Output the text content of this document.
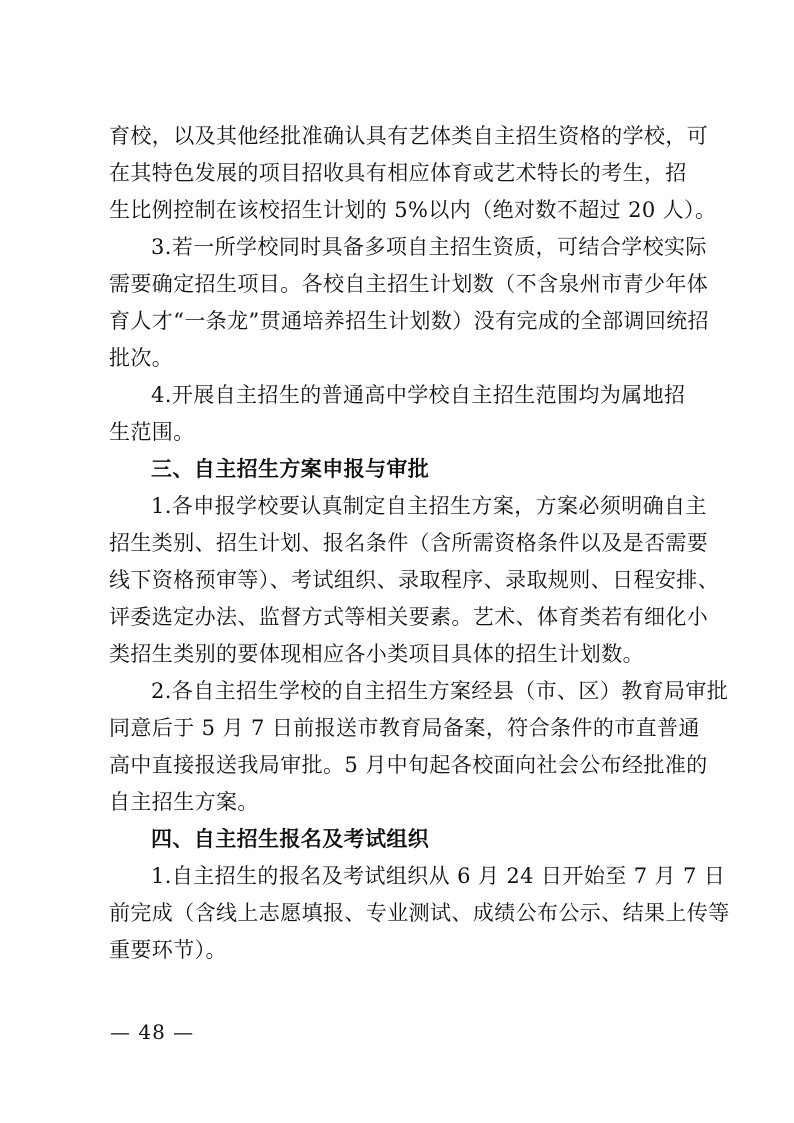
育校，以及其他经批准确认具有艺体类自主招生资格的学校，可
在其特色发展的项目招收具有相应体育或艺术特长的考生，招
生比例控制在该校招生计划的 5%以内（绝对数不超过 20 人）。
3.若一所学校同时具备多项自主招生资质，可结合学校实际
需要确定招生项目。各校自主招生计划数（不含泉州市青少年体
育人才“一条龙”贯通培养招生计划数）没有完成的全部调回统招
批次。
4.开展自主招生的普通高中学校自主招生范围均为属地招
生范围。
三、自主招生方案申报与审批
1.各申报学校要认真制定自主招生方案，方案必须明确自主
招生类别、招生计划、报名条件（含所需资格条件以及是否需要
线下资格预审等）、考试组织、录取程序、录取规则、日程安排、
评委选定办法、监督方式等相关要素。艺术、体育类若有细化小
类招生类别的要体现相应各小类项目具体的招生计划数。
2.各自主招生学校的自主招生方案经县（市、区）教育局审批
同意后于 5 月 7 日前报送市教育局备案，符合条件的市直普通
高中直接报送我局审批。5 月中旬起各校面向社会公布经批准的
自主招生方案。
四、自主招生报名及考试组织
1.自主招生的报名及考试组织从 6 月 24 日开始至 7 月 7 日
前完成（含线上志愿填报、专业测试、成绩公布公示、结果上传等
重要环节）。
— 48 —
